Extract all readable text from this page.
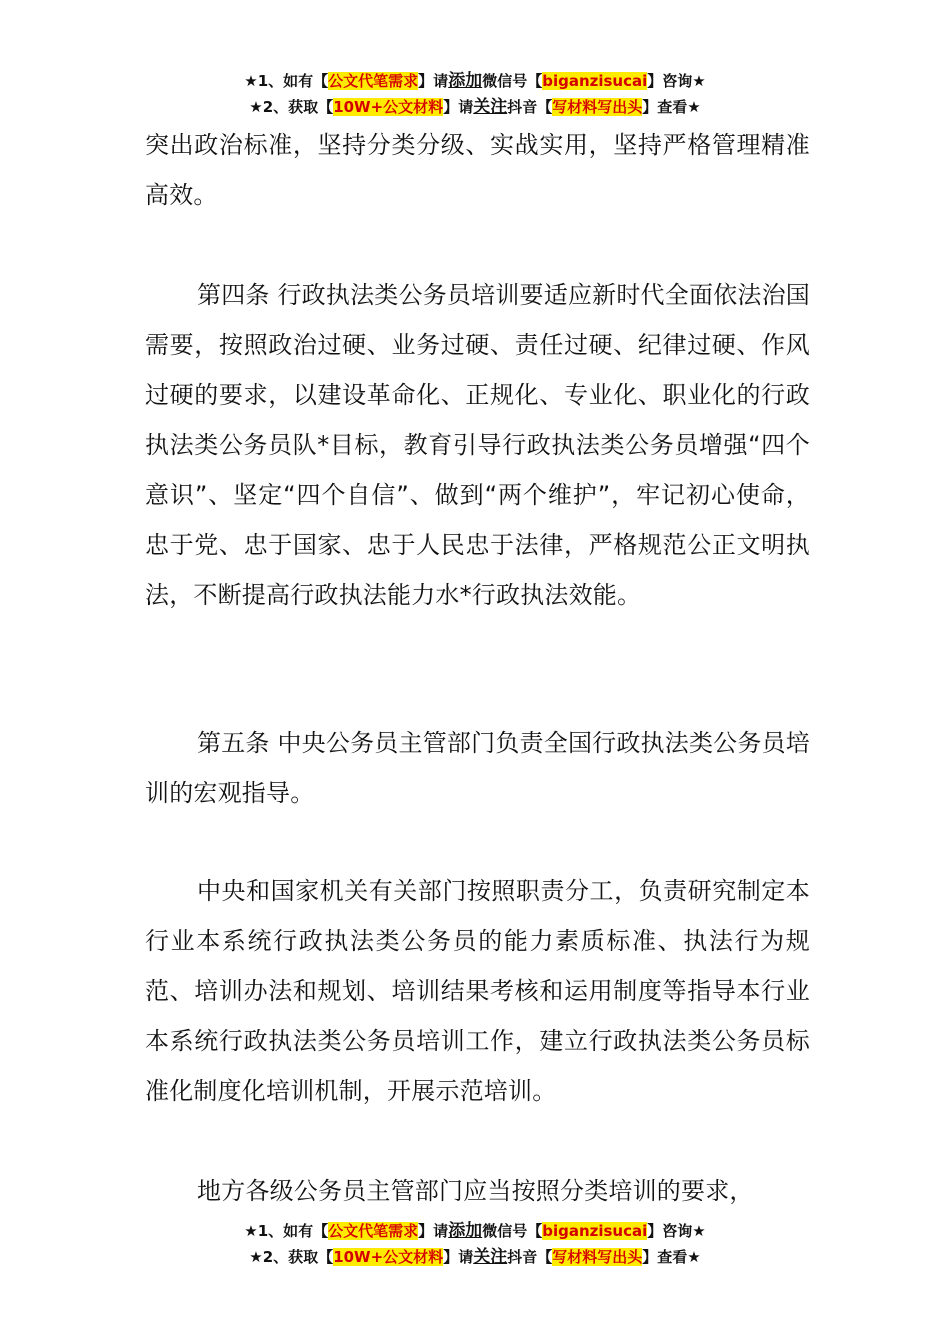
★1、如有【公文代笔需求】请添加微信号【biganzisucai】咨询★
★2、获取【10W+公文材料】请关注抖音【写材料写出头】查看★

突出政治标准，坚持分类分级、实战实用，坚持严格管理精准高效。

第四条 行政执法类公务员培训要适应新时代全面依法治国需要，按照政治过硬、业务过硬、责任过硬、纪律过硬、作风过硬的要求，以建设革命化、正规化、专业化、职业化的行政执法类公务员队*目标，教育引导行政执法类公务员增强“四个意识”、坚定“四个自信”、做到“两个维护”，牢记初心使命，忠于党、忠于国家、忠于人民忠于法律，严格规范公正文明执法，不断提高行政执法能力水*行政执法效能。

第五条 中央公务员主管部门负责全国行政执法类公务员培训的宏观指导。

中央和国家机关有关部门按照职责分工，负责研究制定本行业本系统行政执法类公务员的能力素质标准、执法行为规范、培训办法和规划、培训结果考核和运用制度等指导本行业本系统行政执法类公务员培训工作，建立行政执法类公务员标准化制度化培训机制，开展示范培训。

地方各级公务员主管部门应当按照分类培训的要求，

★1、如有【公文代笔需求】请添加微信号【biganzisucai】咨询★
★2、获取【10W+公文材料】请关注抖音【写材料写出头】查看★
